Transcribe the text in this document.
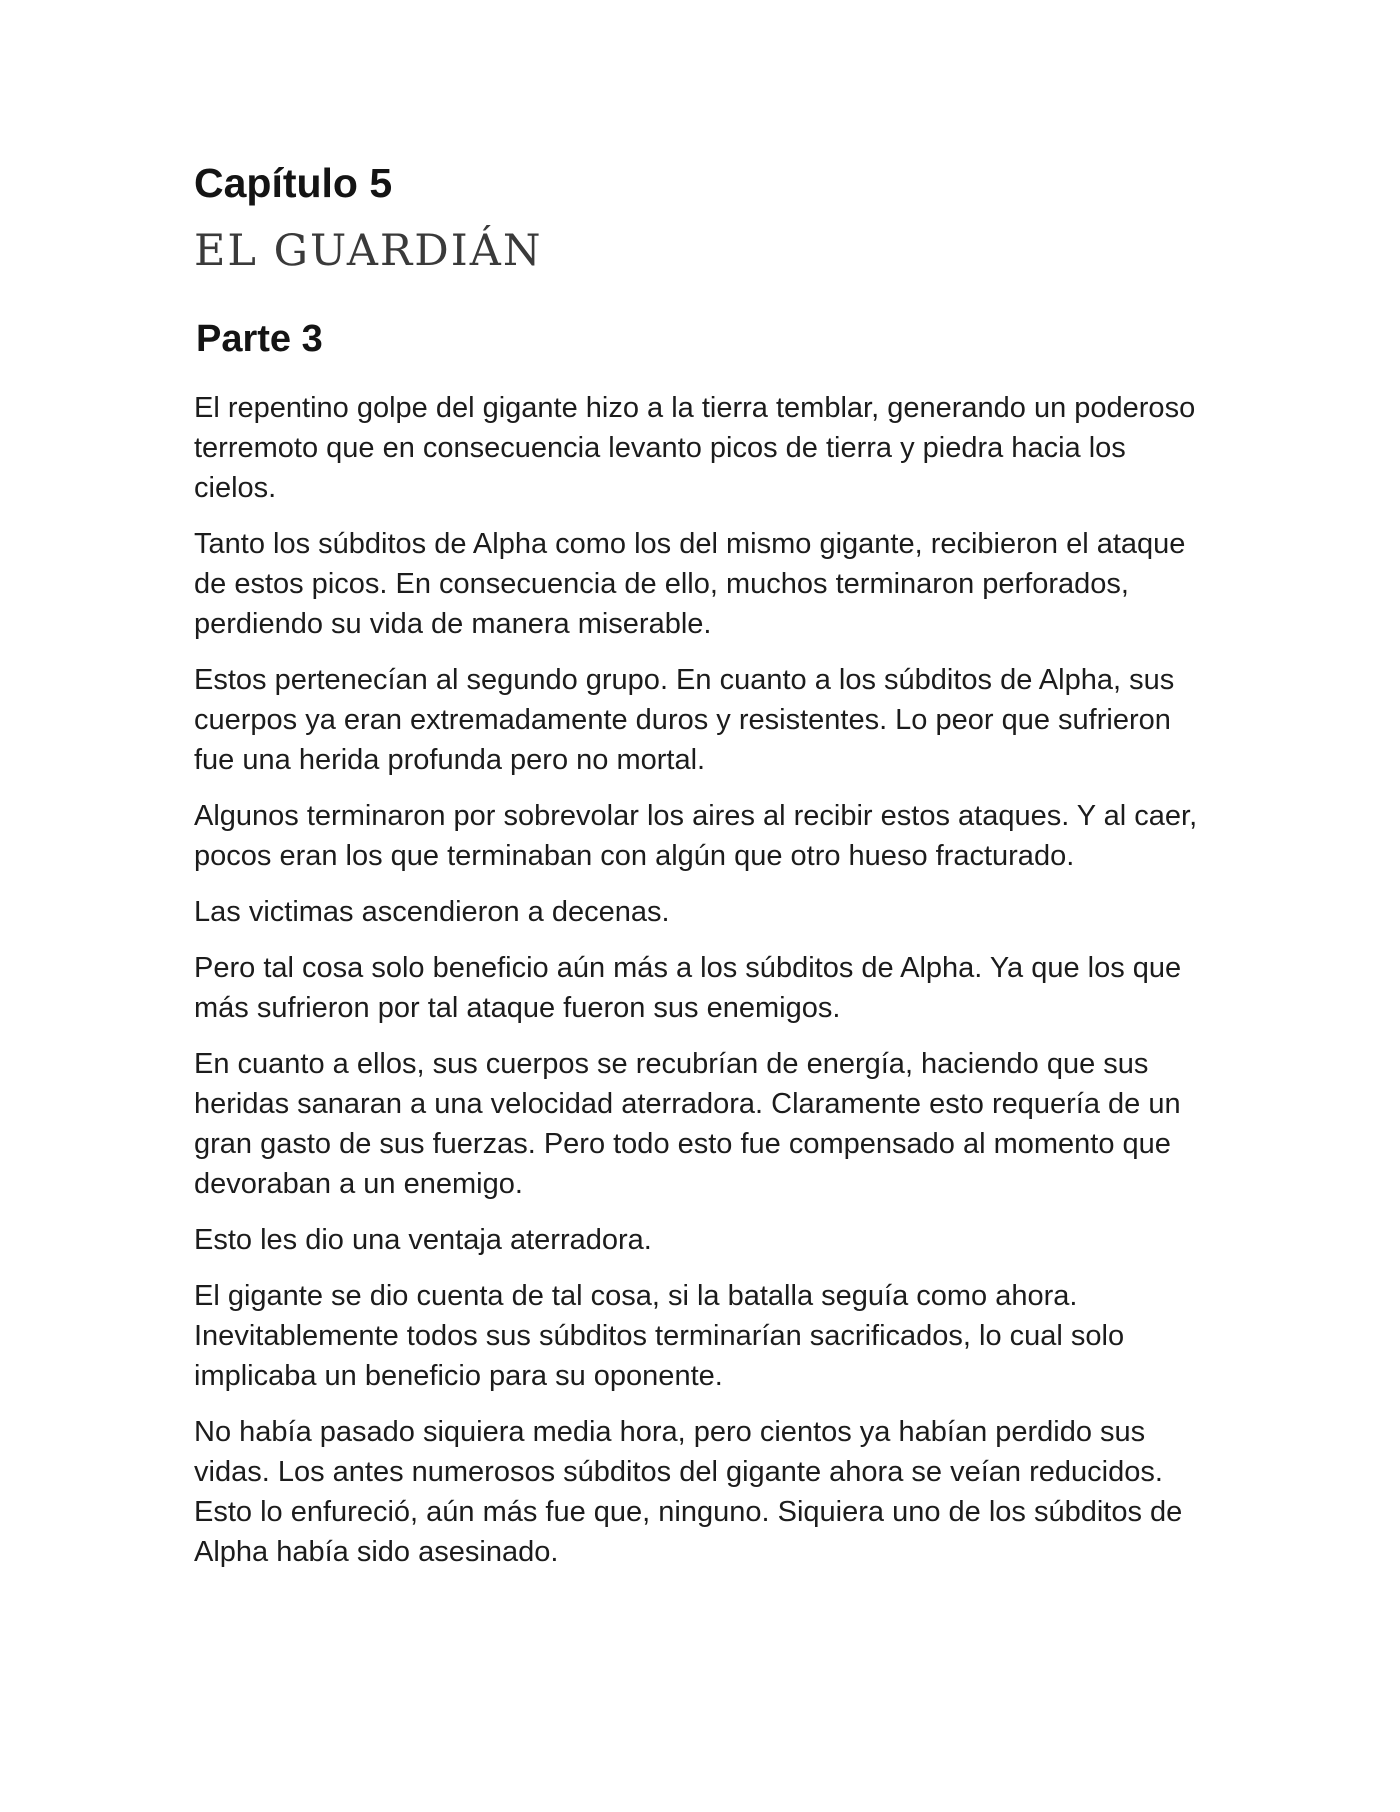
Capítulo 5
EL GUARDIÁN
Parte 3

El repentino golpe del gigante hizo a la tierra temblar, generando un poderoso terremoto que en consecuencia levanto picos de tierra y piedra hacia los cielos.

Tanto los súbditos de Alpha como los del mismo gigante, recibieron el ataque de estos picos. En consecuencia de ello, muchos terminaron perforados, perdiendo su vida de manera miserable.

Estos pertenecían al segundo grupo. En cuanto a los súbditos de Alpha, sus cuerpos ya eran extremadamente duros y resistentes. Lo peor que sufrieron fue una herida profunda pero no mortal.

Algunos terminaron por sobrevolar los aires al recibir estos ataques. Y al caer, pocos eran los que terminaban con algún que otro hueso fracturado.

Las victimas ascendieron a decenas.

Pero tal cosa solo beneficio aún más a los súbditos de Alpha. Ya que los que más sufrieron por tal ataque fueron sus enemigos.

En cuanto a ellos, sus cuerpos se recubrían de energía, haciendo que sus heridas sanaran a una velocidad aterradora. Claramente esto requería de un gran gasto de sus fuerzas. Pero todo esto fue compensado al momento que devoraban a un enemigo.

Esto les dio una ventaja aterradora.

El gigante se dio cuenta de tal cosa, si la batalla seguía como ahora. Inevitablemente todos sus súbditos terminarían sacrificados, lo cual solo implicaba un beneficio para su oponente.

No había pasado siquiera media hora, pero cientos ya habían perdido sus vidas. Los antes numerosos súbditos del gigante ahora se veían reducidos. Esto lo enfureció, aún más fue que, ninguno. Siquiera uno de los súbditos de Alpha había sido asesinado.
